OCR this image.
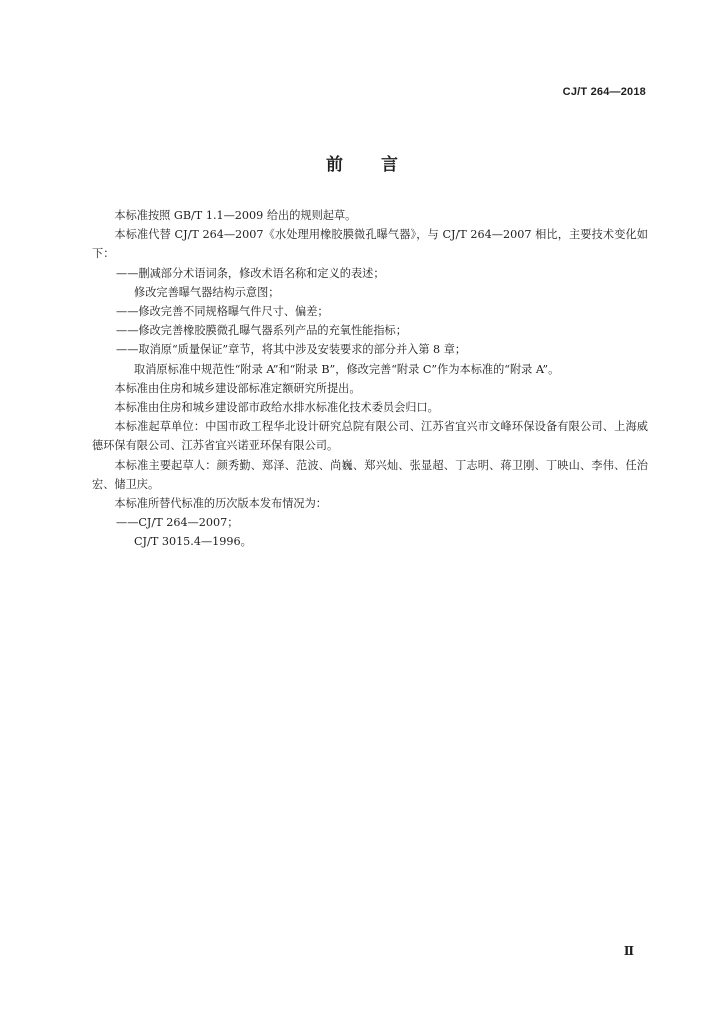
CJ/T 264—2018
前 言

本标准按照 GB/T 1.1—2009 给出的规则起草。

本标准代替 CJ/T 264—2007《水处理用橡胶膜微孔曝气器》，与 CJ/T 264—2007 相比，主要技术变化如下：

——删减部分术语词条，修改术语名称和定义的表述；

修改完善曝气器结构示意图；

——修改完善不同规格曝气件尺寸、偏差；

——修改完善橡胶膜微孔曝气器系列产品的充氧性能指标；

——取消原“质量保证”章节，将其中涉及安装要求的部分并入第 8 章；

取消原标准中规范性“附录 A”和“附录 B”，修改完善“附录 C”作为本标准的“附录 A”。

本标准由住房和城乡建设部标准定额研究所提出。

本标准由住房和城乡建设部市政给水排水标准化技术委员会归口。

本标准起草单位：中国市政工程华北设计研究总院有限公司、江苏省宜兴市文峰环保设备有限公司、上海威德环保有限公司、江苏省宜兴诺亚环保有限公司。

本标准主要起草人：颜秀勤、郑泽、范波、尚巍、郑兴灿、张显超、丁志明、蒋卫刚、丁映山、李伟、任治宏、储卫庆。

本标准所替代标准的历次版本发布情况为：

——CJ/T 264—2007；

CJ/T 3015.4—1996。

Ⅱ
